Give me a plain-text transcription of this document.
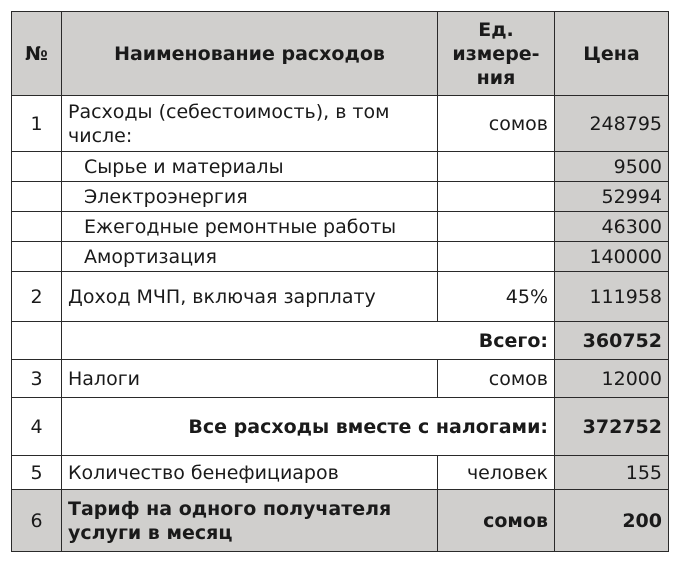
№	Наименование расходов	Ед. измере-ния	Цена
1	Расходы (себестоимость), в том числе:	сомов	248795
	Сырье и материалы		9500
	Электроэнергия		52994
	Ежегодные ремонтные работы		46300
	Амортизация		140000
2	Доход МЧП, включая зарплату	45%	111958
	Всего:		360752
3	Налоги	сомов	12000
4	Все расходы вместе с налогами:		372752
5	Количество бенефициаров	человек	155
6	Тариф на одного получателя услуги в месяц	сомов	200
